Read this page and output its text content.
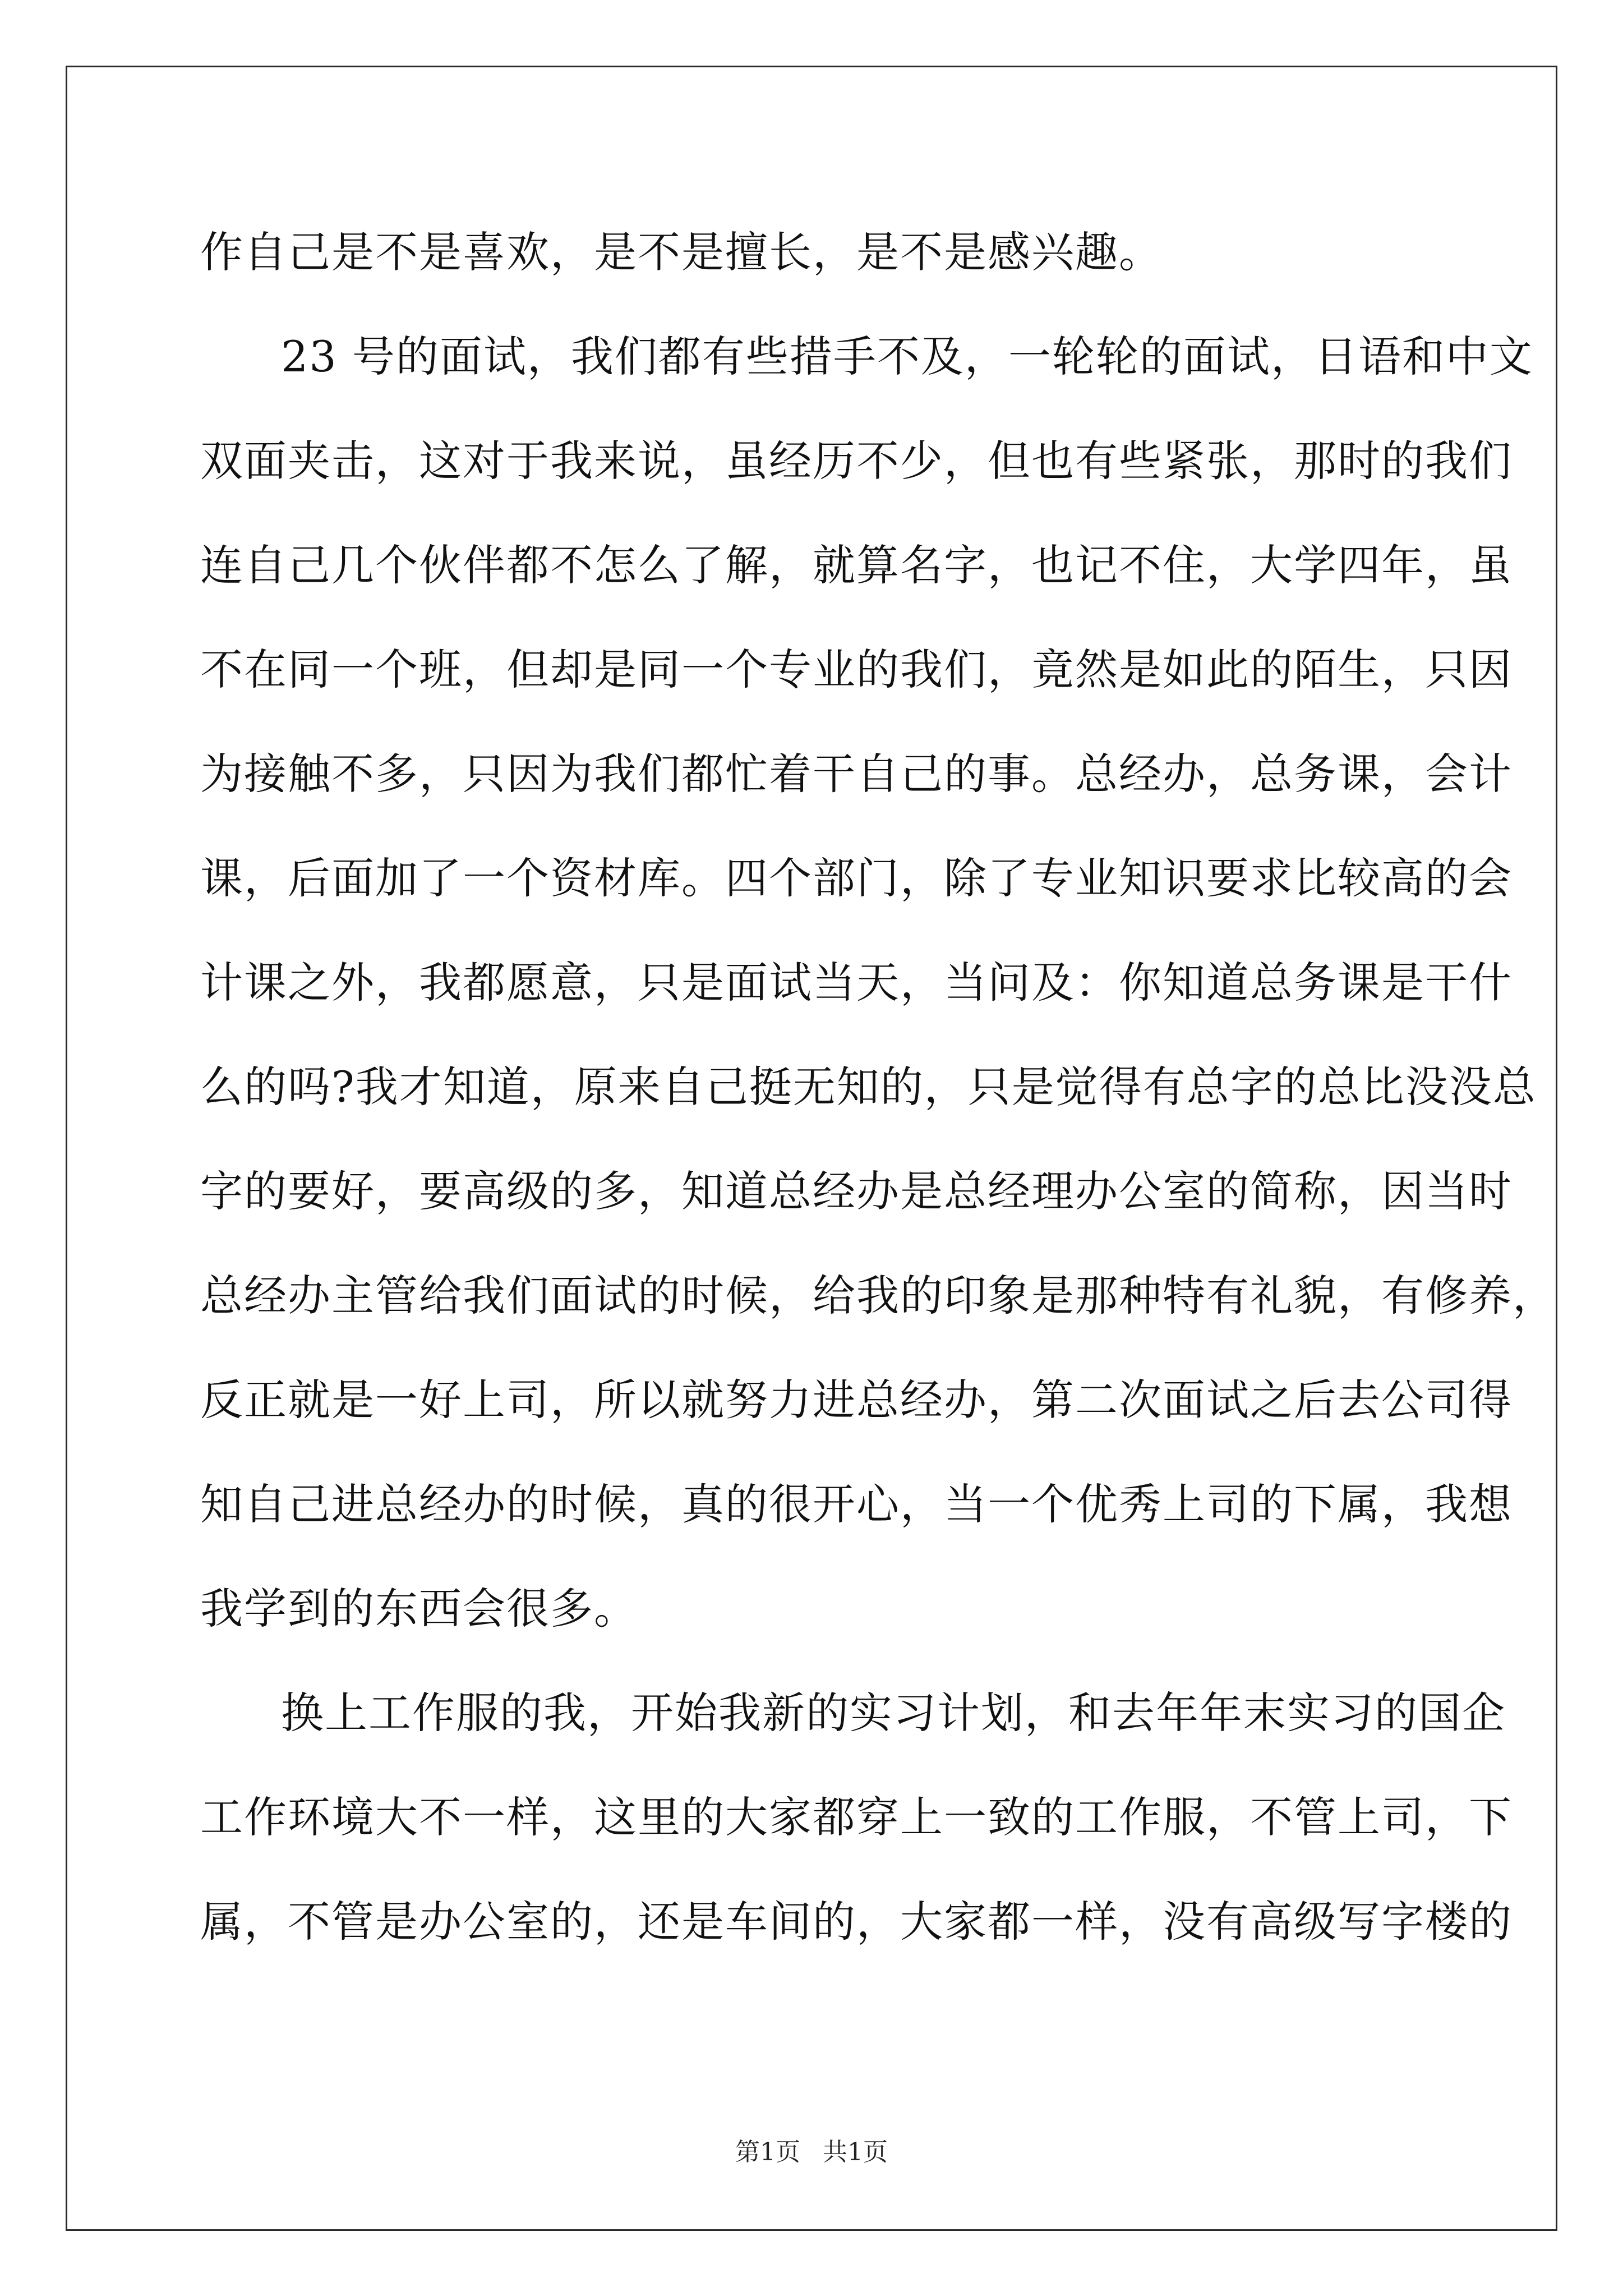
作自己是不是喜欢，是不是擅长，是不是感兴趣。
23 号的面试，我们都有些措手不及，一轮轮的面试，日语和中文
双面夹击，这对于我来说，虽经历不少，但也有些紧张，那时的我们
连自己几个伙伴都不怎么了解，就算名字，也记不住，大学四年，虽
不在同一个班，但却是同一个专业的我们，竟然是如此的陌生，只因
为接触不多，只因为我们都忙着干自己的事。总经办，总务课，会计
课，后面加了一个资材库。四个部门，除了专业知识要求比较高的会
计课之外，我都愿意，只是面试当天，当问及：你知道总务课是干什
么的吗?我才知道，原来自己挺无知的，只是觉得有总字的总比没没总
字的要好，要高级的多，知道总经办是总经理办公室的简称，因当时
总经办主管给我们面试的时候，给我的印象是那种特有礼貌，有修养，
反正就是一好上司，所以就努力进总经办，第二次面试之后去公司得
知自己进总经办的时候，真的很开心，当一个优秀上司的下属，我想
我学到的东西会很多。
换上工作服的我，开始我新的实习计划，和去年年末实习的国企
工作环境大不一样，这里的大家都穿上一致的工作服，不管上司，下
属，不管是办公室的，还是车间的，大家都一样，没有高级写字楼的
第1页 共1页
